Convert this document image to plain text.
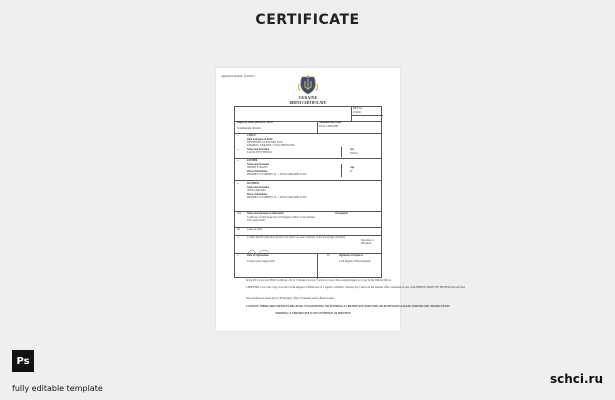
CERTIFICATE
Application Number: 1425564-1
UKRAINE
BIRTH CERTIFICATE
Birth No
431456
Registrar office (district) / Town
Solomianskyi, Kharkiv
Administrative code
KYIV, UKRAINE
1.	CHILD
Date and place of birth
FIFTEENTH of JANUARY TWO
KHARKIV, UKRAINE • TWO THOUSAND
2.	Name and Surname
LIAM LYTVYNENKO
Sex
Female
4.	FATHER
Name and Surname
SERHIY VOLKOV
Place of Residence
PROSPECT SVOBODY 12 — KYIV, UKRAINE 03150
Age
41
6.	MOTHER
Name and Surname
IRYNA HALIMA
Place of Residence
PROSPECT SVOBODY 12 — KYIV, UKRAINE 03150
7(a) Name and surname of Informant	Occupation
Certificate of birth issued by Civil Registry Office of the Ukraine
27th August 2021
(b)	Cause of delay
8.	I certify that the particulars given by me above are true to the best of my knowledge and belief
Signature of Informant
9.	Date of registration
Twenty-seven August 2021
10	Signature of registrar
Civil Registry Office Registrar
In the XX is your A.O. Birth Certificate - ID of 1 Ukraine, Section 1, article no true to have original signed as a copy by the Official Officer
CERTIFIED to be a true copy of an entry in the Register of Births now of a registry of District. Said Aut Ky, Cited in in the Ukraine office, translated. In one of the HEREIN, HAVE SET HIS HER hand and Seal
This certificate is issued free by the Registry office of Ukraine on the official request
CAUTION: THERE ARE OFFENCES RELATING TO FALSIFYING OR ALTERING A CERTIFICATE AND USING OR POSSESSING A FALSE CERTIFICATE. PROSECUTION
WARNING: A CERTIFICATE IS NOT EVIDENCE OF IDENTITY
Ps
fully editable template
schci.ru
